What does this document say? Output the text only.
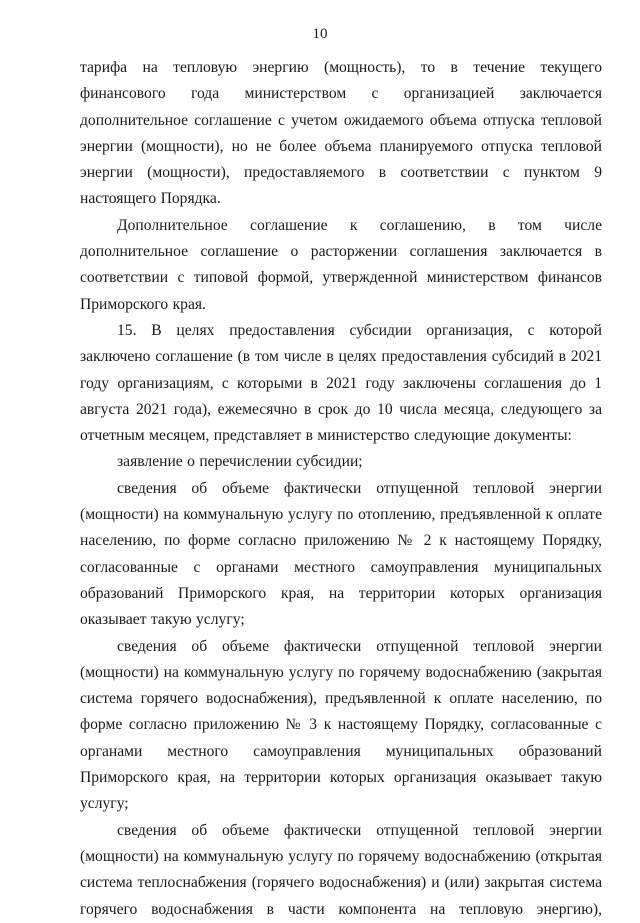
10

тарифа на тепловую энергию (мощность), то в течение текущего финансового года министерством с организацией заключается дополнительное соглашение с учетом ожидаемого объема отпуска тепловой энергии (мощности), но не более объема планируемого отпуска тепловой энергии (мощности), предоставляемого в соответствии с пунктом 9 настоящего Порядка.

Дополнительное соглашение к соглашению, в том числе дополнительное соглашение о расторжении соглашения заключается в соответствии с типовой формой, утвержденной министерством финансов Приморского края.

15. В целях предоставления субсидии организация, с которой заключено соглашение (в том числе в целях предоставления субсидий в 2021 году организациям, с которыми в 2021 году заключены соглашения до 1 августа 2021 года), ежемесячно в срок до 10 числа месяца, следующего за отчетным месяцем, представляет в министерство следующие документы:

заявление о перечислении субсидии;

сведения об объеме фактически отпущенной тепловой энергии (мощности) на коммунальную услугу по отоплению, предъявленной к оплате населению, по форме согласно приложению № 2 к настоящему Порядку, согласованные с органами местного самоуправления муниципальных образований Приморского края, на территории которых организация оказывает такую услугу;

сведения об объеме фактически отпущенной тепловой энергии (мощности) на коммунальную услугу по горячему водоснабжению (закрытая система горячего водоснабжения), предъявленной к оплате населению, по форме согласно приложению № 3 к настоящему Порядку, согласованные с органами местного самоуправления муниципальных образований Приморского края, на территории которых организация оказывает такую услугу;

сведения об объеме фактически отпущенной тепловой энергии (мощности) на коммунальную услугу по горячему водоснабжению (открытая система теплоснабжения (горячего водоснабжения) и (или) закрытая система горячего водоснабжения в части компонента на тепловую энергию),
